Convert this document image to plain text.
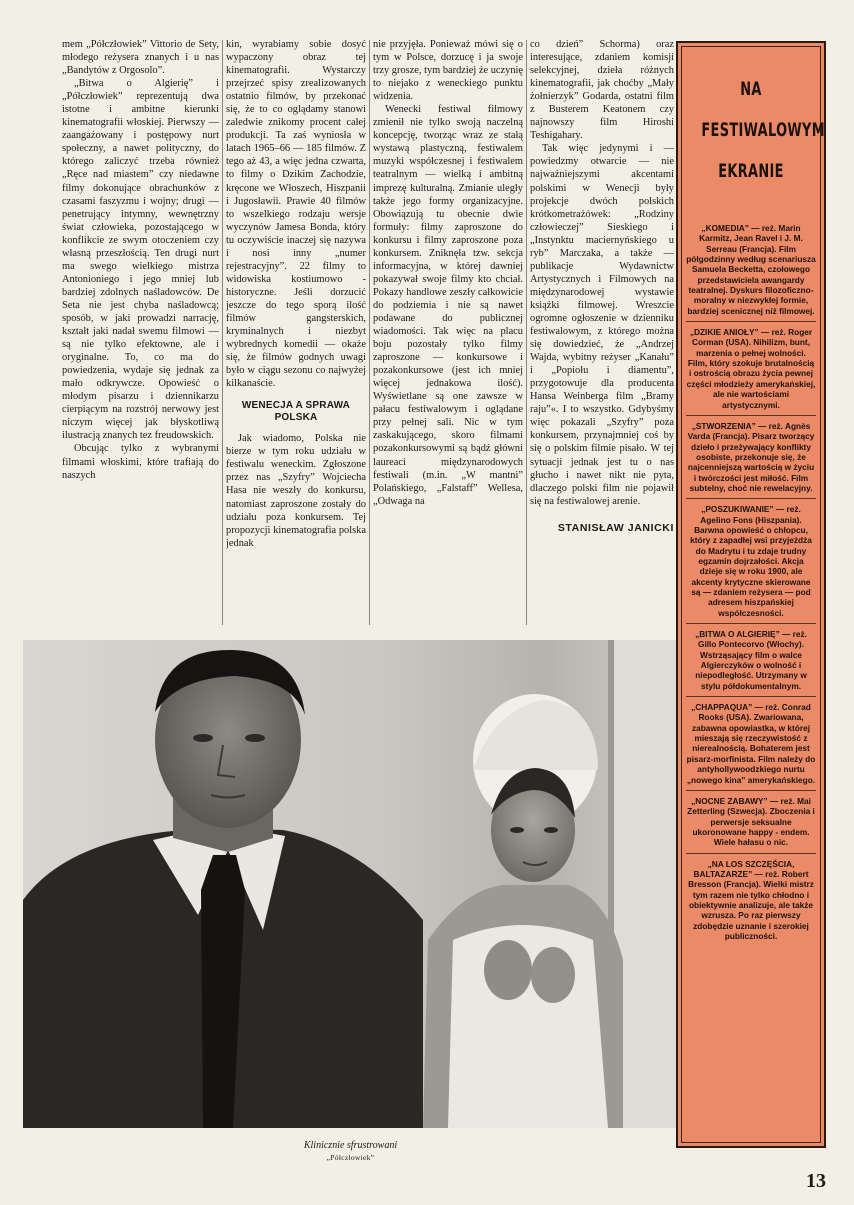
mem „Półczłowiek” Vittorio de Sety, młodego reżysera znanych i u nas „Bandytów z Orgosolo”.

„Bitwa o Algierię” i „Półczłowiek” reprezentują dwa istotne i ambitne kierunki kinematografii włoskiej. Pierwszy — zaangażowany i postępowy nurt społeczny, a nawet polityczny, do którego zaliczyć trzeba również „Ręce nad miastem” czy niedawne filmy dokonujące obrachunków z czasami faszyzmu i wojny; drugi — penetrujący intymny, wewnętrzny świat człowieka, pozostającego w konflikcie ze swym otoczeniem czy własną przeszłością. Ten drugi nurt ma swego wielkiego mistrza Antonioniego i jego mniej lub bardziej zdolnych naśladowców. De Seta nie jest chyba naśladowcą; sposób, w jaki prowadzi narrację, kształt jaki nadał swemu filmowi — są nie tylko efektowne, ale i oryginalne. To, co ma do powiedzenia, wydaje się jednak za mało odkrywcze. Opowieść o młodym pisarzu i dziennikarzu cierpiącym na rozstrój nerwowy jest niczym więcej jak błyskotliwą ilustracją znanych tez freudowskich.

Obcując tylko z wybranymi filmami włoskimi, które trafiają do naszych

kin, wyrabiamy sobie dosyć wypaczony obraz tej kinematografii. Wystarczy przejrzeć spisy zrealizowanych ostatnio filmów, by przekonać się, że to co oglądamy stanowi zaledwie znikomy procent całej produkcji. Ta zaś wyniosła w latach 1965–66 — 185 filmów. Z tego aż 43, a więc jedna czwarta, to filmy o Dzikim Zachodzie, kręcone we Włoszech, Hiszpanii i Jugosławii. Prawie 40 filmów to wszelkiego rodzaju wersje wyczynów Jamesa Bonda, który tu oczywiście inaczej się nazywa i nosi inny „numer rejestracyjny”. 22 filmy to widowiska kostiumowo - historyczne. Jeśli dorzucić jeszcze do tego sporą ilość filmów gangsterskich, kryminalnych i niezbyt wybrednych komedii — okaże się, że filmów godnych uwagi było w ciągu sezonu co najwyżej kilkanaście.

WENECJA A SPRAWA POLSKA

Jak wiadomo, Polska nie bierze w tym roku udziału w festiwalu weneckim. Zgłoszone przez nas „Szyfry” Wojciecha Hasa nie weszły do konkursu, natomiast zaproszone zostały do udziału poza konkursem. Tej propozycji kinematografia polska jednak

nie przyjęła. Ponieważ mówi się o tym w Polsce, dorzucę i ja swoje trzy grosze, tym bardziej że uczynię to niejako z weneckiego punktu widzenia.

Wenecki festiwal filmowy zmienił nie tylko swoją naczelną koncepcję, tworząc wraz ze stałą wystawą plastyczną, festiwalem muzyki współczesnej i festiwalem teatralnym — wielką i ambitną imprezę kulturalną. Zmianie uległy także jego formy organizacyjne. Obowiązują tu obecnie dwie formuły: filmy zaproszone do konkursu i filmy zaproszone poza konkursem. Zniknęła tzw. sekcja informacyjna, w której dawniej pokazywał swoje filmy kto chciał. Pokazy handlowe zeszły całkowicie do podziemia i nie są nawet podawane do publicznej wiadomości. Tak więc na placu boju pozostały tylko filmy zaproszone — konkursowe i pozakonkursowe (jest ich mniej więcej jednakowa ilość). Wyświetlane są one zawsze w pałacu festiwalowym i oglądane przy pełnej sali. Nic w tym zaskakującego, skoro filmami pozakonkursowymi są bądź główni laureaci międzynarodowych festiwali (m.in. „W mantni” Polańskiego, „Falstaff” Wellesa, „Odwaga na

co dzień” Schorma) oraz interesujące, zdaniem komisji selekcyjnej, dzieła różnych kinematografii, jak choćby „Mały żołnierzyk” Godarda, ostatni film z Busterem Keatonem czy najnowszy film Hiroshi Teshigahary.

Tak więc jedynymi i — powiedzmy otwarcie — nie najważniejszymi akcentami polskimi w Wenecji były projekcje dwóch polskich krótkometrażówek: „Rodziny człowieczej” Sieskiego i „Instynktu maciernyńskiego u ryb” Marczaka, a także — publikacje Wydawnictw Artystycznych i Filmowych na międzynarodowej wystawie książki filmowej. Wreszcie ogromne ogłoszenie w dzienniku festiwalowym, z którego można się dowiedzieć, że „Andrzej Wajda, wybitny reżyser „Kanału” i „Popiołu i diamentu”, przygotowuje dla producenta Hansa Weinberga film „Bramy raju”«. I to wszystko. Gdybyśmy więc pokazali „Szyfry” poza konkursem, przynajmniej coś by się o polskim filmie pisało. W tej sytuacji jednak jest tu o nas głucho i nawet nikt nie pyta, dlaczego polski film nie pojawił się na festiwalowej arenie.

STANISŁAW JANICKI
Klinicznie sfrustrowani
„Półczłowiek”
NA
FESTIWALOWYM
EKRANIE
„KOMEDIA” — reż. Marin Karmitz, Jean Ravel i J. M. Serreau (Francja). Film półgodzinny według scenariusza Samuela Becketta, czołowego przedstawiciela awangardy teatralnej. Dyskurs filozoficzno-moralny w niezwykłej formie, bardziej scenicznej niż filmowej.
„DZIKIE ANIOŁY” — reż. Roger Corman (USA). Nihilizm, bunt, marzenia o pełnej wolności. Film, który szokuje brutalnością i ostrością obrazu życia pewnej części młodzieży amerykańskiej, ale nie wartościami artystycznymi.
„STWORZENIA” — reż. Agnès Varda (Francja). Pisarz tworzący dzieło i przeżywający konflikty osobiste, przekonuje się, że najcenniejszą wartością w życiu i twórczości jest miłość. Film subtelny, choć nie rewelacyjny.
„POSZUKIWANIE” — reż. Agelino Fons (Hiszpania). Barwna opowieść o chłopcu, który z zapadłej wsi przyjeżdża do Madrytu i tu zdaje trudny egzamin dojrzałości. Akcja dzieje się w roku 1900, ale akcenty krytyczne skierowane są — zdaniem reżysera — pod adresem hiszpańskiej współczesności.
„BITWA O ALGIERIĘ” — reż. Gillo Pontecorvo (Włochy). Wstrząsający film o walce Algierczyków o wolność i niepodległość. Utrzymany w stylu półdokumentalnym.
„CHAPPAQUA” — reż. Conrad Rooks (USA). Zwariowana, zabawna opowiastka, w której mieszają się rzeczywistość z nierealnością. Bohaterem jest pisarz-morfinista. Film należy do antyhollywoodzkiego nurtu „nowego kina” amerykańskiego.
„NOCNE ZABAWY” — reż. Mai Zetterling (Szwecja). Zboczenia i perwersje seksualne ukoronowane happy - endem. Wiele hałasu o nic.
„NA LOS SZCZĘŚCIA, BALTAZARZE” — reż. Robert Bresson (Francja). Wielki mistrz tym razem nie tylko chłodno i obiektywnie analizuje, ale także wzrusza. Po raz pierwszy zdobędzie uznanie i szerokiej publiczności.
13
